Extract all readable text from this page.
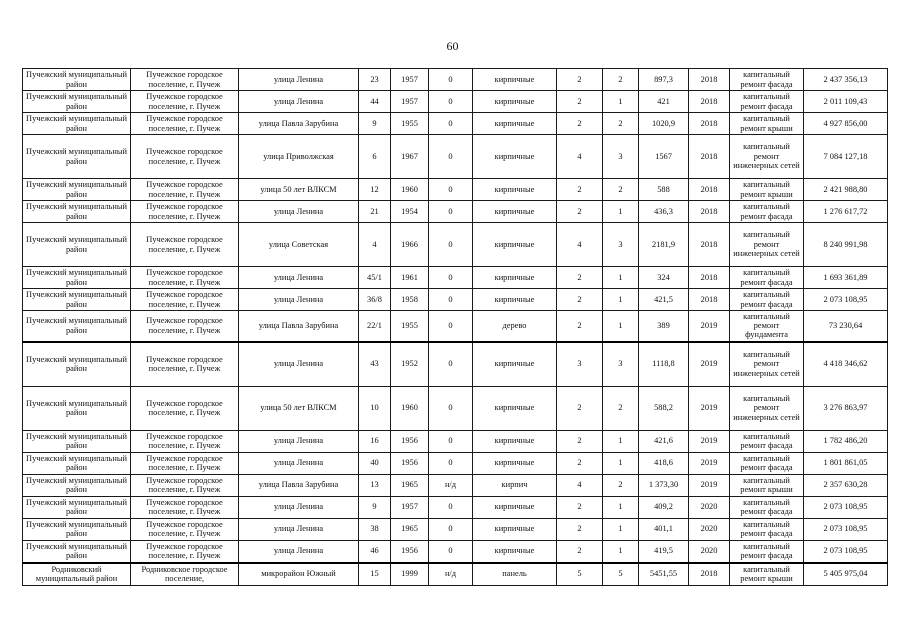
60
Пучежский муниципальный район	Пучежское городское поселение, г. Пучеж	улица Ленина	23	1957	0	кирпичные	2	2	897,3	2018	капитальный ремонт фасада	2 437 356,13
Пучежский муниципальный район	Пучежское городское поселение, г. Пучеж	улица Ленина	44	1957	0	кирпичные	2	1	421	2018	капитальный ремонт фасада	2 011 109,43
Пучежский муниципальный район	Пучежское городское поселение, г. Пучеж	улица Павла Зарубина	9	1955	0	кирпичные	2	2	1020,9	2018	капитальный ремонт крыши	4 927 856,00
Пучежский муниципальный район	Пучежское городское поселение, г. Пучеж	улица Приволжская	6	1967	0	кирпичные	4	3	1567	2018	капитальный ремонт инженерных сетей	7 084 127,18
Пучежский муниципальный район	Пучежское городское поселение, г. Пучеж	улица 50 лет ВЛКСМ	12	1960	0	кирпичные	2	2	588	2018	капитальный ремонт крыши	2 421 988,80
Пучежский муниципальный район	Пучежское городское поселение, г. Пучеж	улица Ленина	21	1954	0	кирпичные	2	1	436,3	2018	капитальный ремонт фасада	1 276 617,72
Пучежский муниципальный район	Пучежское городское поселение, г. Пучеж	улица Советская	4	1966	0	кирпичные	4	3	2181,9	2018	капитальный ремонт инженерных сетей	8 240 991,98
Пучежский муниципальный район	Пучежское городское поселение, г. Пучеж	улица Ленина	45/1	1961	0	кирпичные	2	1	324	2018	капитальный ремонт фасада	1 693 361,89
Пучежский муниципальный район	Пучежское городское поселение, г. Пучеж	улица Ленина	36/8	1958	0	кирпичные	2	1	421,5	2018	капитальный ремонт фасада	2 073 108,95
Пучежский муниципальный район	Пучежское городское поселение, г. Пучеж	улица Павла Зарубина	22/1	1955	0	дерево	2	1	389	2019	капитальный ремонт фундамента	73 230,64
Пучежский муниципальный район	Пучежское городское поселение, г. Пучеж	улица Ленина	43	1952	0	кирпичные	3	3	1118,8	2019	капитальный ремонт инженерных сетей	4 418 346,62
Пучежский муниципальный район	Пучежское городское поселение, г. Пучеж	улица 50 лет ВЛКСМ	10	1960	0	кирпичные	2	2	588,2	2019	капитальный ремонт инженерных сетей	3 276 863,97
Пучежский муниципальный район	Пучежское городское поселение, г. Пучеж	улица Ленина	16	1956	0	кирпичные	2	1	421,6	2019	капитальный ремонт фасада	1 782 486,20
Пучежский муниципальный район	Пучежское городское поселение, г. Пучеж	улица Ленина	40	1956	0	кирпичные	2	1	418,6	2019	капитальный ремонт фасада	1 801 861,05
Пучежский муниципальный район	Пучежское городское поселение, г. Пучеж	улица Павла Зарубина	13	1965	н/д	кирпич	4	2	1 373,30	2019	капитальный ремонт крыши	2 357 630,28
Пучежский муниципальный район	Пучежское городское поселение, г. Пучеж	улица Ленина	9	1957	0	кирпичные	2	1	409,2	2020	капитальный ремонт фасада	2 073 108,95
Пучежский муниципальный район	Пучежское городское поселение, г. Пучеж	улица Ленина	38	1965	0	кирпичные	2	1	401,1	2020	капитальный ремонт фасада	2 073 108,95
Пучежский муниципальный район	Пучежское городское поселение, г. Пучеж	улица Ленина	46	1956	0	кирпичные	2	1	419,5	2020	капитальный ремонт фасада	2 073 108,95
Родниковский муниципальный район	Родниковское городское поселение,	микрорайон Южный	15	1999	н/д	панель	5	5	5451,55	2018	капитальный ремонт крыши	5 405 975,04
